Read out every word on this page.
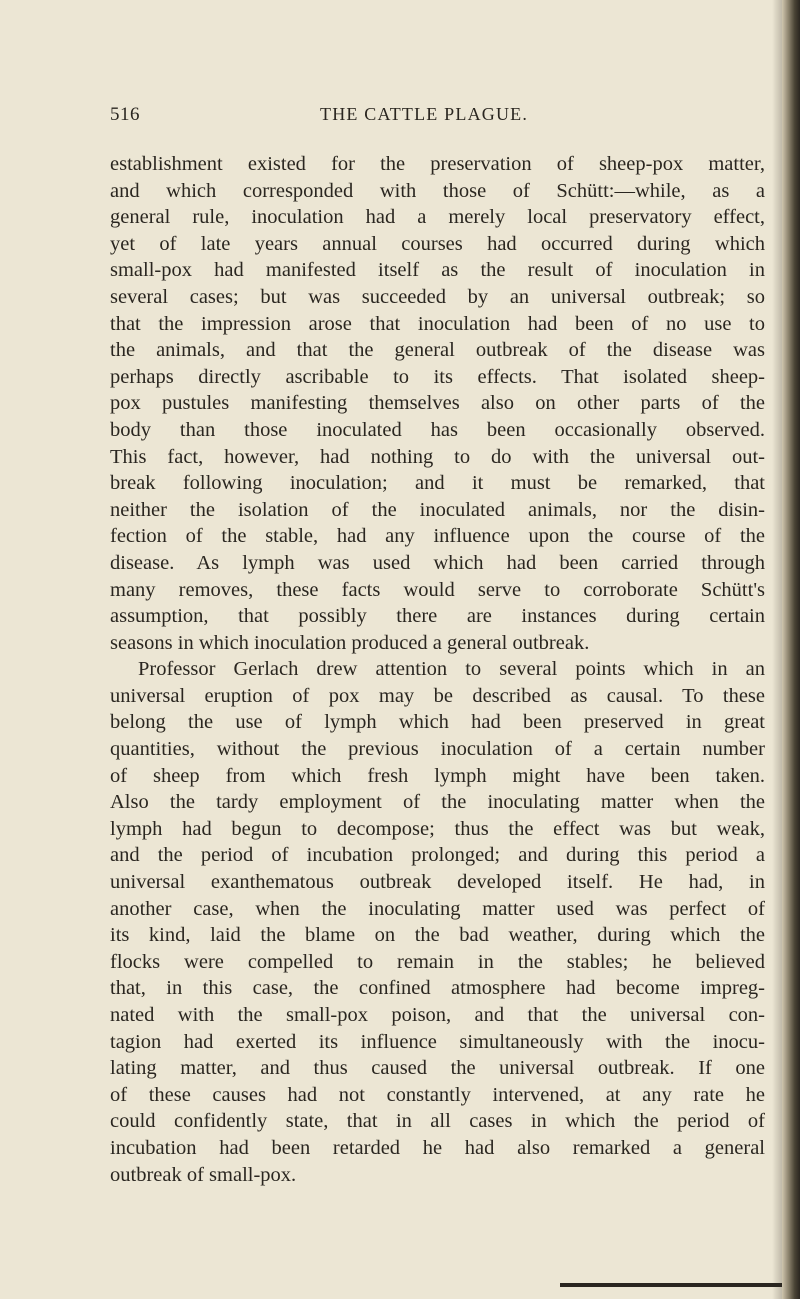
516	THE CATTLE PLAGUE.
establishment existed for the preservation of sheep-pox matter,
and which corresponded with those of Schütt:—while, as a
general rule, inoculation had a merely local preservatory effect,
yet of late years annual courses had occurred during which
small-pox had manifested itself as the result of inoculation in
several cases; but was succeeded by an universal outbreak; so
that the impression arose that inoculation had been of no use to
the animals, and that the general outbreak of the disease was
perhaps directly ascribable to its effects. That isolated sheep-
pox pustules manifesting themselves also on other parts of the
body than those inoculated has been occasionally observed.
This fact, however, had nothing to do with the universal out-
break following inoculation; and it must be remarked, that
neither the isolation of the inoculated animals, nor the disin-
fection of the stable, had any influence upon the course of the
disease. As lymph was used which had been carried through
many removes, these facts would serve to corroborate Schütt's
assumption, that possibly there are instances during certain
seasons in which inoculation produced a general outbreak.
Professor Gerlach drew attention to several points which in an
universal eruption of pox may be described as causal. To these
belong the use of lymph which had been preserved in great
quantities, without the previous inoculation of a certain number
of sheep from which fresh lymph might have been taken.
Also the tardy employment of the inoculating matter when the
lymph had begun to decompose; thus the effect was but weak,
and the period of incubation prolonged; and during this period a
universal exanthematous outbreak developed itself. He had, in
another case, when the inoculating matter used was perfect of
its kind, laid the blame on the bad weather, during which the
flocks were compelled to remain in the stables; he believed
that, in this case, the confined atmosphere had become impreg-
nated with the small-pox poison, and that the universal con-
tagion had exerted its influence simultaneously with the inocu-
lating matter, and thus caused the universal outbreak. If one
of these causes had not constantly intervened, at any rate he
could confidently state, that in all cases in which the period of
incubation had been retarded he had also remarked a general
outbreak of small-pox.
